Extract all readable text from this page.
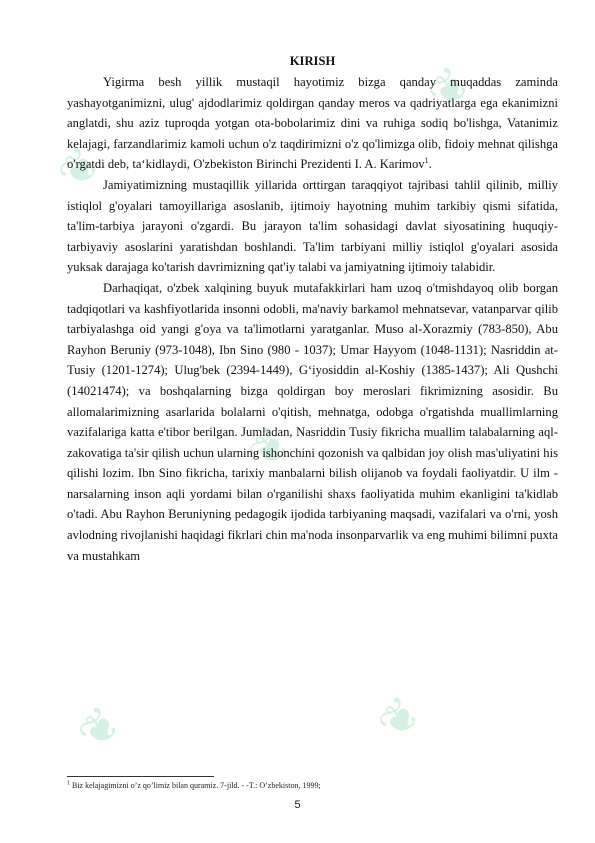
❦
❦
❦
❦	❦
KIRISH

Yigirma besh yillik mustaqil hayotimiz bizga qanday muqaddas zaminda yashayotganimizni, ulug' ajdodlarimiz qoldirgan qanday meros va qadriyatlarga ega ekanimizni anglatdi, shu aziz tuproqda yotgan ota-bobolarimiz dini va ruhiga sodiq bo'lishga, Vatanimiz kelajagi, farzandlarimiz kamoli uchun o'z taqdirimizni o'z qo'limizga olib, fidoiy mehnat qilishga o'rgatdi deb, ta‘kidlaydi, O'zbekiston Birinchi Prezidenti I. A. Karimov$^1$.

Jamiyatimizning mustaqillik yillarida orttirgan taraqqiyot tajribasi tahlil qilinib, milliy istiqlol g'oyalari tamoyillariga asoslanib, ijtimoiy hayotning muhim tarkibiy qismi sifatida, ta'lim-tarbiya jarayoni o'zgardi. Bu jarayon ta'lim sohasidagi davlat siyosatining huquqiy-tarbiyaviy asoslarini yaratishdan boshlandi. Ta'lim tarbiyani milliy istiqlol g'oyalari asosida yuksak darajaga ko'tarish davrimizning qat'iy talabi va jamiyatning ijtimoiy talabidir.

Darhaqiqat, o'zbek xalqining buyuk mutafakkirlari ham uzoq o'tmishdayoq olib borgan tadqiqotlari va kashfiyotlarida insonni odobli, ma'naviy barkamol mehnatsevar, vatanparvar qilib tarbiyalashga oid yangi g'oya va ta'limotlarni yaratganlar. Muso al-Xorazmiy (783-850), Abu Rayhon Beruniy (973-1048), Ibn Sino (980 - 1037); Umar Hayyom (1048-1131); Nasriddin at-Tusiy (1201-1274); Ulug'bek (2394-1449), G‘iyosiddin al-Koshiy (1385-1437); Ali Qushchi (14021474); va boshqalarning bizga qoldirgan boy meroslari fikrimizning asosidir. Bu allomalarimizning asarlarida bolalarni o'qitish, mehnatga, odobga o'rgatishda muallimlarning vazifalariga katta e'tibor berilgan. Jumladan, Nasriddin Tusiy fikricha muallim talabalarning aql-zakovatiga ta'sir qilish uchun ularning ishonchini qozonish va qalbidan joy olish mas'uliyatini his qilishi lozim. Ibn Sino fikricha, tarixiy manbalarni bilish olijanob va foydali faoliyatdir. U ilm - narsalarning inson aqli yordami bilan o'rganilishi shaxs faoliyatida muhim ekanligini ta'kidlab o'tadi. Abu Rayhon Beruniyning pedagogik ijodida tarbiyaning maqsadi, vazifalari va o'rni, yosh avlodning rivojlanishi haqidagi fikrlari chin ma'noda insonparvarlik va eng muhimi bilimni puxta va mustahkam

$^1$ Biz kelajagimizni o’z qo’limiz bilan quramiz. 7-jild. - -T.: O’zbekiston, 1999;
5
